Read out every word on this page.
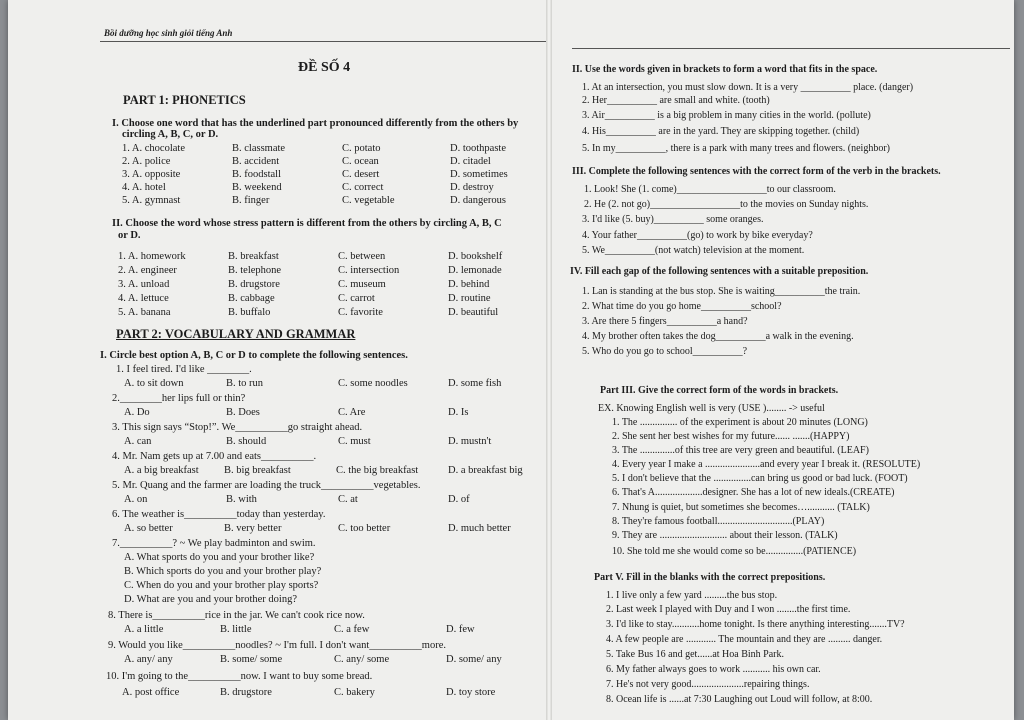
Bồi dưỡng học sinh giỏi tiếng Anh
ĐỀ SỐ 4
PART 1: PHONETICS
I. Choose one word that has the underlined part pronounced differently from the others by
circling A, B, C, or D.
1. A. chocolate	B. classmate	C. potato	D. toothpaste
2. A. police	B. accident	C. ocean	D. citadel
3. A. opposite	B. foodstall	C. desert	D. sometimes
4. A. hotel	B. weekend	C. correct	D. destroy
5. A. gymnast	B. finger	C. vegetable	D. dangerous
II. Choose the word whose stress pattern is different from the others by circling A, B, C
or D.
1. A. homework	B. breakfast	C. between	D. bookshelf
2. A. engineer	B. telephone	C. intersection	D. lemonade
3. A. unload	B. drugstore	C. museum	D. behind
4. A. lettuce	B. cabbage	C. carrot	D. routine
5. A. banana	B. buffalo	C. favorite	D. beautiful
PART 2: VOCABULARY AND GRAMMAR
I. Circle best option A, B, C or D to complete the following sentences.
1. I feel tired. I'd like ________.
A. to sit down	B. to run	C. some noodles	D. some fish
2.________her lips full or thin?
A. Do	B. Does	C. Are	D. Is
3. This sign says “Stop!”. We__________go straight ahead.
A. can	B. should	C. must	D. mustn't
4. Mr. Nam gets up at 7.00 and eats__________.
A. a big breakfast B. big breakfast	C. the big breakfast	D. a breakfast big
5. Mr. Quang and the farmer are loading the truck__________vegetables.
A. on	B. with	C. at	D. of
6. The weather is__________today than yesterday.
A. so better	B. very better	C. too better	D. much better
7.__________? ~ We play badminton and swim.
A. What sports do you and your brother like?
B. Which sports do you and your brother play?
C. When do you and your brother play sports?
D. What are you and your brother doing?
8. There is__________rice in the jar. We can't cook rice now.
A. a little	B. little	C. a few	D. few
9. Would you like__________noodles? ~ I'm full. I don't want__________more.
A. any/ any	B. some/ some	C. any/ some	D. some/ any
10. I'm going to the__________now. I want to buy some bread.
A. post office	B. drugstore	C. bakery	D. toy store
II. Use the words given in brackets to form a word that fits in the space.
1. At an intersection, you must slow down. It is a very __________ place. (danger)
2. Her__________ are small and white. (tooth)
3. Air__________ is a big problem in many cities in the world. (pollute)
4. His__________ are in the yard. They are skipping together. (child)
5. In my__________, there is a park with many trees and flowers. (neighbor)
III. Complete the following sentences with the correct form of the verb in the brackets.
1. Look! She (1. come)__________________to our classroom.
2. He (2. not go)__________________to the movies on Sunday nights.
3. I'd like (5. buy)__________ some oranges.
4. Your father__________(go) to work by bike everyday?
5. We__________(not watch) television at the moment.
IV. Fill each gap of the following sentences with a suitable preposition.
1. Lan is standing at the bus stop. She is waiting__________the train.
2. What time do you go home__________school?
3. Are there 5 fingers__________a hand?
4. My brother often takes the dog__________a walk in the evening.
5. Who do you go to school__________?
Part III. Give the correct form of the words in brackets.
EX. Knowing English well is very (USE )........ -> useful
1. The ............... of the experiment is about 20 minutes (LONG)
2. She sent her best wishes for my future...... .......(HAPPY)
3. The ..............of this tree are very green and beautiful. (LEAF)
4. Every year I make a ......................and every year I break it. (RESOLUTE)
5. I don't believe that the ...............can bring us good or bad luck. (FOOT)
6. That's A...................designer. She has a lot of new ideals.(CREATE)
7. Nhung is quiet, but sometimes she becomes…........... (TALK)
8. They're famous football..............................(PLAY)
9. They are ........................... about their lesson. (TALK)
10. She told me she would come so be...............(PATIENCE)
Part V. Fill in the blanks with the correct prepositions.
1. I live only a few yard .........the bus stop.
2. Last week I played with Duy and I won ........the first time.
3. I'd like to stay...........home tonight. Is there anything interesting.......TV?
4. A few people are ............ The mountain and they are ......... danger.
5. Take Bus 16 and get......at Hoa Binh Park.
6. My father always goes to work ........... his own car.
7. He's not very good.....................repairing things.
8. Ocean life is ......at 7:30 Laughing out Loud will follow, at 8:00.
